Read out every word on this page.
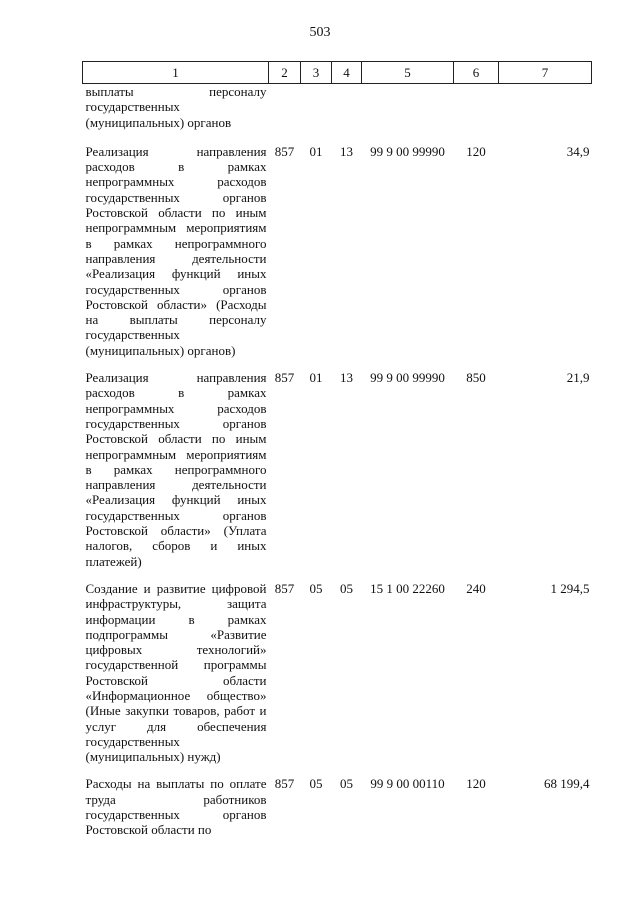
503
1	2	3	4	5	6	7
выплаты персоналу государственных (муниципальных) органов						
Реализация направления расходов в рамках непрограммных расходов государственных органов Ростовской области по иным непрограммным мероприятиям в рамках непрограммного направления деятельности «Реализация функций иных государственных органов Ростовской области» (Расходы на выплаты персоналу государственных (муниципальных) органов)	857	01	13	99 9 00 99990	120	34,9
Реализация направления расходов в рамках непрограммных расходов государственных органов Ростовской области по иным непрограммным мероприятиям в рамках непрограммного направления деятельности «Реализация функций иных государственных органов Ростовской области» (Уплата налогов, сборов и иных платежей)	857	01	13	99 9 00 99990	850	21,9
Создание и развитие цифровой инфраструктуры, защита информации в рамках подпрограммы «Развитие цифровых технологий» государственной программы Ростовской области «Информационное общество» (Иные закупки товаров, работ и услуг для обеспечения государственных (муниципальных) нужд)	857	05	05	15 1 00 22260	240	1 294,5
Расходы на выплаты по оплате труда работников государственных органов Ростовской области по	857	05	05	99 9 00 00110	120	68 199,4
